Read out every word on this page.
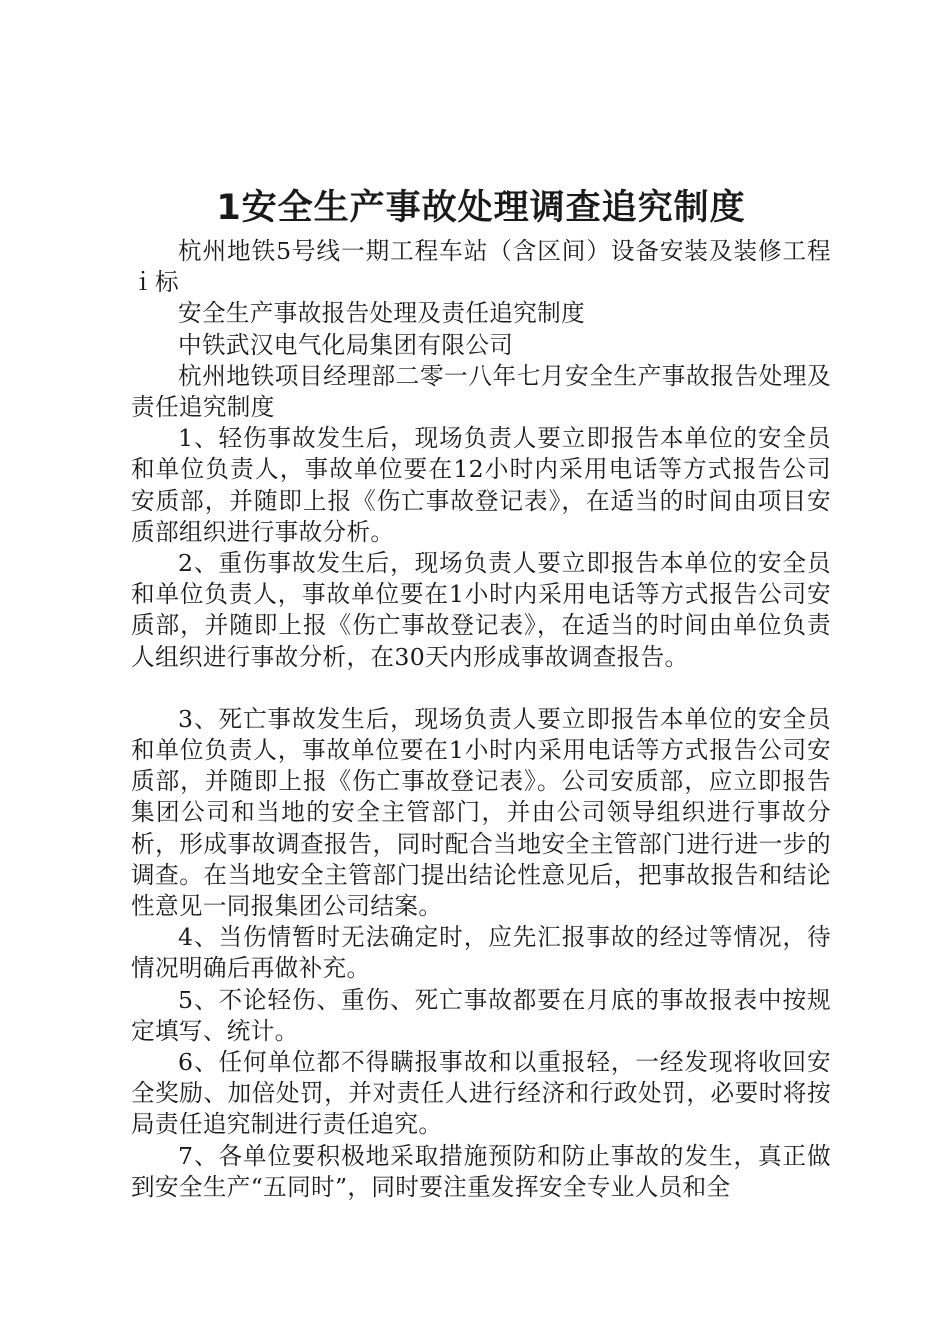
1安全生产事故处理调查追究制度

杭州地铁5号线一期工程车站（含区间）设备安装及装修工程ｉ标

安全生产事故报告处理及责任追究制度

中铁武汉电气化局集团有限公司

杭州地铁项目经理部二零一八年七月安全生产事故报告处理及责任追究制度

1、轻伤事故发生后，现场负责人要立即报告本单位的安全员和单位负责人，事故单位要在12小时内采用电话等方式报告公司安质部，并随即上报《伤亡事故登记表》，在适当的时间由项目安质部组织进行事故分析。

2、重伤事故发生后，现场负责人要立即报告本单位的安全员和单位负责人，事故单位要在1小时内采用电话等方式报告公司安质部，并随即上报《伤亡事故登记表》，在适当的时间由单位负责人组织进行事故分析，在30天内形成事故调查报告。

3、死亡事故发生后，现场负责人要立即报告本单位的安全员和单位负责人，事故单位要在1小时内采用电话等方式报告公司安质部，并随即上报《伤亡事故登记表》。公司安质部，应立即报告集团公司和当地的安全主管部门，并由公司领导组织进行事故分析，形成事故调查报告，同时配合当地安全主管部门进行进一步的调查。在当地安全主管部门提出结论性意见后，把事故报告和结论性意见一同报集团公司结案。

4、当伤情暂时无法确定时，应先汇报事故的经过等情况，待情况明确后再做补充。

5、不论轻伤、重伤、死亡事故都要在月底的事故报表中按规定填写、统计。

6、任何单位都不得瞒报事故和以重报轻，一经发现将收回安全奖励、加倍处罚，并对责任人进行经济和行政处罚，必要时将按局责任追究制进行责任追究。

7、各单位要积极地采取措施预防和防止事故的发生，真正做到安全生产“五同时”，同时要注重发挥安全专业人员和全
